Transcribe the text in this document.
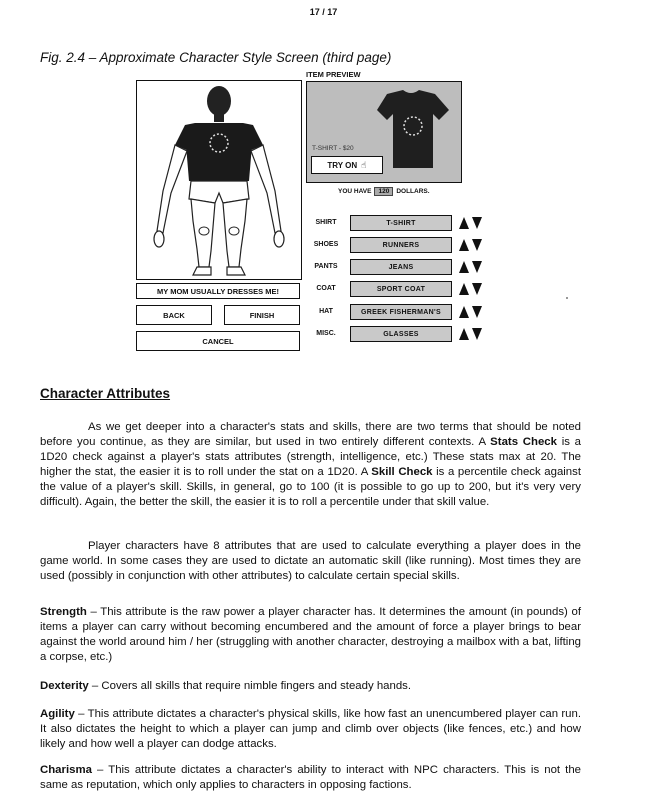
17 / 17
Fig. 2.4 – Approximate Character Style Screen (third page)
MY MOM USUALLY DRESSES ME!
BACK	FINISH
CANCEL
ITEM PREVIEW
T-SHIRT - $20
TRY ON ☝
YOU HAVE	120	DOLLARS.
SHIRT	T-SHIRT
SHOES	RUNNERS
PANTS	JEANS
COAT	SPORT COAT
HAT	GREEK FISHERMAN'S
MISC.	GLASSES
Character Attributes
As we get deeper into a character's stats and skills, there are two terms that should be noted before you continue, as they are similar, but used in two entirely different contexts. A Stats Check is a 1D20 check against a player's stats attributes (strength, intelligence, etc.) These stats max at 20. The higher the stat, the easier it is to roll under the stat on a 1D20. A Skill Check is a percentile check against the value of a player's skill. Skills, in general, go to 100 (it is possible to go up to 200, but it's very very difficult). Again, the better the skill, the easier it is to roll a percentile under that skill value.
Player characters have 8 attributes that are used to calculate everything a player does in the game world. In some cases they are used to dictate an automatic skill (like running). Most times they are used (possibly in conjunction with other attributes) to calculate certain special skills.
Strength – This attribute is the raw power a player character has. It determines the amount (in pounds) of items a player can carry without becoming encumbered and the amount of force a player brings to bear against the world around him / her (struggling with another character, destroying a mailbox with a bat, lifting a corpse, etc.)
Dexterity – Covers all skills that require nimble fingers and steady hands.
Agility – This attribute dictates a character's physical skills, like how fast an unencumbered player can run. It also dictates the height to which a player can jump and climb over objects (like fences, etc.) and how likely and how well a player can dodge attacks.
Charisma – This attribute dictates a character's ability to interact with NPC characters. This is not the same as reputation, which only applies to characters in opposing factions.
